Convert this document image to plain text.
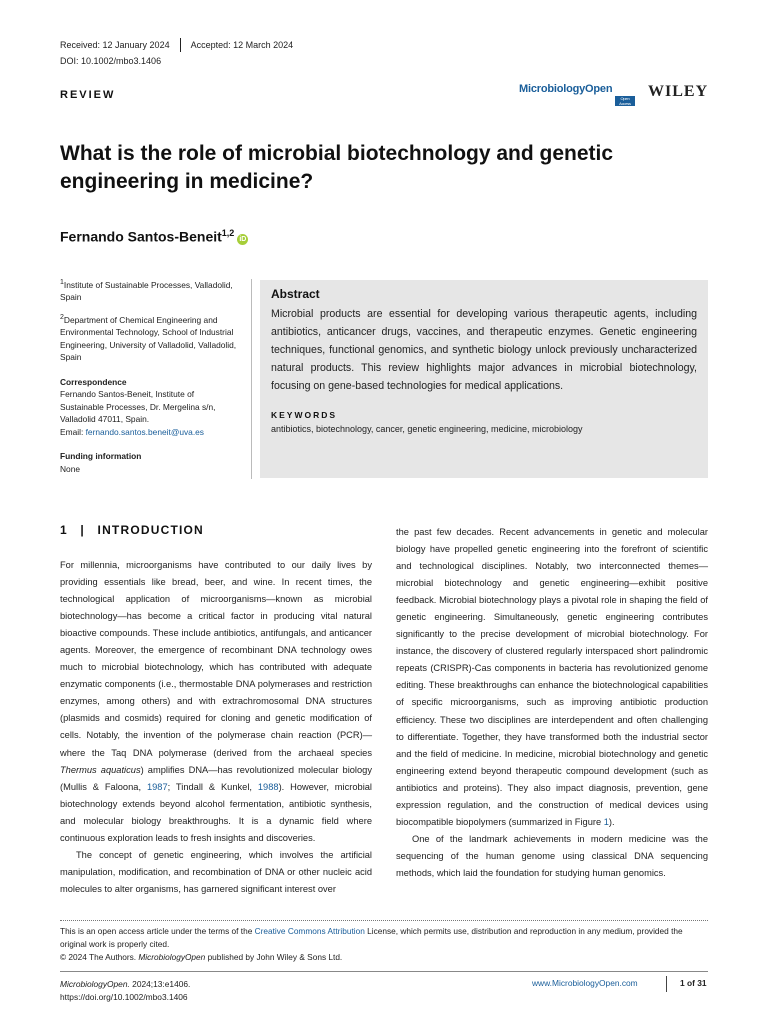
Received: 12 January 2024 Accepted: 12 March 2024
DOI: 10.1002/mbo3.1406
REVIEW	MicrobiologyOpen
Open Access
WILEY
What is the role of microbial biotechnology and genetic engineering in medicine?
Fernando Santos-Beneit$^{1,2}$iD
$^1$Institute of Sustainable Processes, Valladolid, Spain
$^2$Department of Chemical Engineering and Environmental Technology, School of Industrial Engineering, University of Valladolid, Valladolid, Spain
Correspondence
Fernando Santos-Beneit, Institute of Sustainable Processes, Dr. Mergelina s/n, Valladolid 47011, Spain.
Email: fernando.santos.beneit@uva.es
Funding information
None
Abstract
Microbial products are essential for developing various therapeutic agents, including antibiotics, anticancer drugs, vaccines, and therapeutic enzymes. Genetic engineering techniques, functional genomics, and synthetic biology unlock previously uncharacterized natural products. This review highlights major advances in microbial biotechnology, focusing on gene-based technologies for medical applications.
KEYWORDS
antibiotics, biotechnology, cancer, genetic engineering, medicine, microbiology
1 | INTRODUCTION

For millennia, microorganisms have contributed to our daily lives by providing essentials like bread, beer, and wine. In recent times, the technological application of microorganisms—known as microbial biotechnology—has become a critical factor in producing vital natural bioactive compounds. These include antibiotics, antifungals, and anticancer agents. Moreover, the emergence of recombinant DNA technology owes much to microbial biotechnology, which has contributed with adequate enzymatic components (i.e., thermostable DNA polymerases and restriction enzymes, among others) and with extrachromosomal DNA structures (plasmids and cosmids) required for cloning and genetic modification of cells. Notably, the invention of the polymerase chain reaction (PCR)—where the Taq DNA polymerase (derived from the archaeal species Thermus aquaticus) amplifies DNA—has revolutionized molecular biology (Mullis & Faloona, 1987; Tindall & Kunkel, 1988). However, microbial biotechnology extends beyond alcohol fermentation, antibiotic synthesis, and molecular biology breakthroughs. It is a dynamic field where continuous exploration leads to fresh insights and discoveries.

The concept of genetic engineering, which involves the artificial manipulation, modification, and recombination of DNA or other nucleic acid molecules to alter organisms, has garnered significant interest over

the past few decades. Recent advancements in genetic and molecular biology have propelled genetic engineering into the forefront of scientific and technological disciplines. Notably, two interconnected themes—microbial biotechnology and genetic engineering—exhibit positive feedback. Microbial biotechnology plays a pivotal role in shaping the field of genetic engineering. Simultaneously, genetic engineering contributes significantly to the precise development of microbial biotechnology. For instance, the discovery of clustered regularly interspaced short palindromic repeats (CRISPR)-Cas components in bacteria has revolutionized genome editing. These breakthroughs can enhance the biotechnological capabilities of specific microorganisms, such as improving antibiotic production efficiency. These two disciplines are interdependent and often challenging to differentiate. Together, they have transformed both the industrial sector and the field of medicine. In medicine, microbial biotechnology and genetic engineering extend beyond therapeutic compound development (such as antibiotics and proteins). They also impact diagnosis, prevention, gene expression regulation, and the construction of medical devices using biocompatible biopolymers (summarized in Figure 1).

One of the landmark achievements in modern medicine was the sequencing of the human genome using classical DNA sequencing methods, which laid the foundation for studying human genomics.

This is an open access article under the terms of the Creative Commons Attribution License, which permits use, distribution and reproduction in any medium, provided the original work is properly cited.
© 2024 The Authors. MicrobiologyOpen published by John Wiley & Sons Ltd.
MicrobiologyOpen. 2024;13:e1406.
https://doi.org/10.1002/mbo3.1406
www.MicrobiologyOpen.com	1 of 31
